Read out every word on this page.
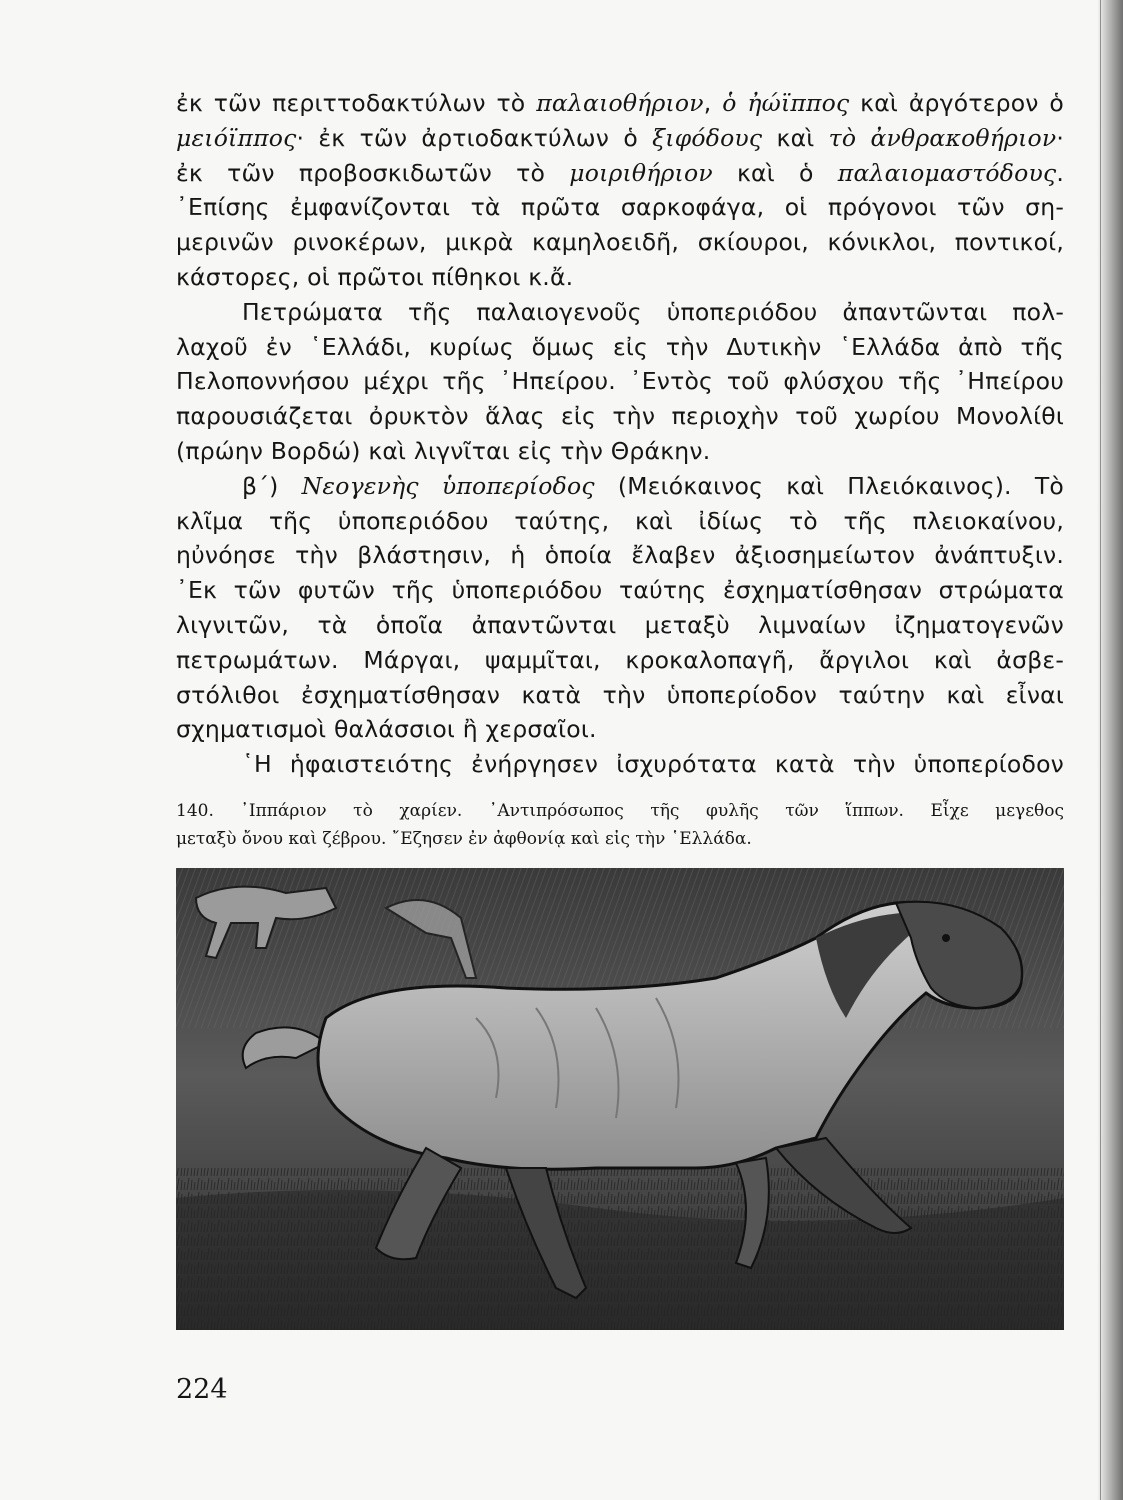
ἐκ τῶν περιττοδακτύλων τὸ παλαιοθήριον, ὁ ἠώϊππος καὶ ἀργότερον ὁ
μειόϊππος· ἐκ τῶν ἀρτιοδακτύλων ὁ ξιφόδους καὶ τὸ ἀνθρακοθήριον·
ἐκ τῶν προβοσκιδωτῶν τὸ μοιριθήριον καὶ ὁ παλαιομαστόδους.
᾿Επίσης ἐμφανίζονται τὰ πρῶτα σαρκοφάγα, οἱ πρόγονοι τῶν ση-
μερινῶν ρινοκέρων, μικρὰ καμηλοειδῆ, σκίουροι, κόνικλοι, ποντικοί,
κάστορες, οἱ πρῶτοι πίθηκοι κ.ἄ.
Πετρώματα τῆς παλαιογενοῦς ὑποπεριόδου ἀπαντῶνται πολ-
λαχοῦ ἐν ῾Ελλάδι, κυρίως ὅμως εἰς τὴν Δυτικὴν ῾Ελλάδα ἀπὸ τῆς
Πελοποννήσου μέχρι τῆς ᾿Ηπείρου. ᾿Εντὸς τοῦ φλύσχου τῆς ᾿Ηπείρου
παρουσιάζεται ὀρυκτὸν ἅλας εἰς τὴν περιοχὴν τοῦ χωρίου Μονολίθι
(πρώην Βορδώ) καὶ λιγνῖται εἰς τὴν Θράκην.
β΄) Νεογενὴς ὑποπερίοδος (Μειόκαινος καὶ Πλειόκαινος). Τὸ
κλῖμα τῆς ὑποπεριόδου ταύτης, καὶ ἰδίως τὸ τῆς πλειοκαίνου,
ηὐνόησε τὴν βλάστησιν, ἡ ὁποία ἔλαβεν ἀξιοσημείωτον ἀνάπτυξιν.
᾿Εκ τῶν φυτῶν τῆς ὑποπεριόδου ταύτης ἐσχηματίσθησαν στρώματα
λιγνιτῶν, τὰ ὁποῖα ἀπαντῶνται μεταξὺ λιμναίων ἰζηματογενῶν
πετρωμάτων. Μάργαι, ψαμμῖται, κροκαλοπαγῆ, ἄργιλοι καὶ ἀσβε-
στόλιθοι ἐσχηματίσθησαν κατὰ τὴν ὑποπερίοδον ταύτην καὶ εἶναι
σχηματισμοὶ θαλάσσιοι ἢ χερσαῖοι.
῾Η ἡφαιστειότης ἐνήργησεν ἰσχυρότατα κατὰ τὴν ὑποπερίοδον
140. ᾿Ιππάριον τὸ χαρίεν. ᾿Αντιπρόσωπος τῆς φυλῆς τῶν ἵππων. Εἶχε μεγεθος
μεταξὺ ὄνου καὶ ζέβρου. ῎Εζησεν ἐν ἀφθονίᾳ καὶ εἰς τὴν ῾Ελλάδα.
224
